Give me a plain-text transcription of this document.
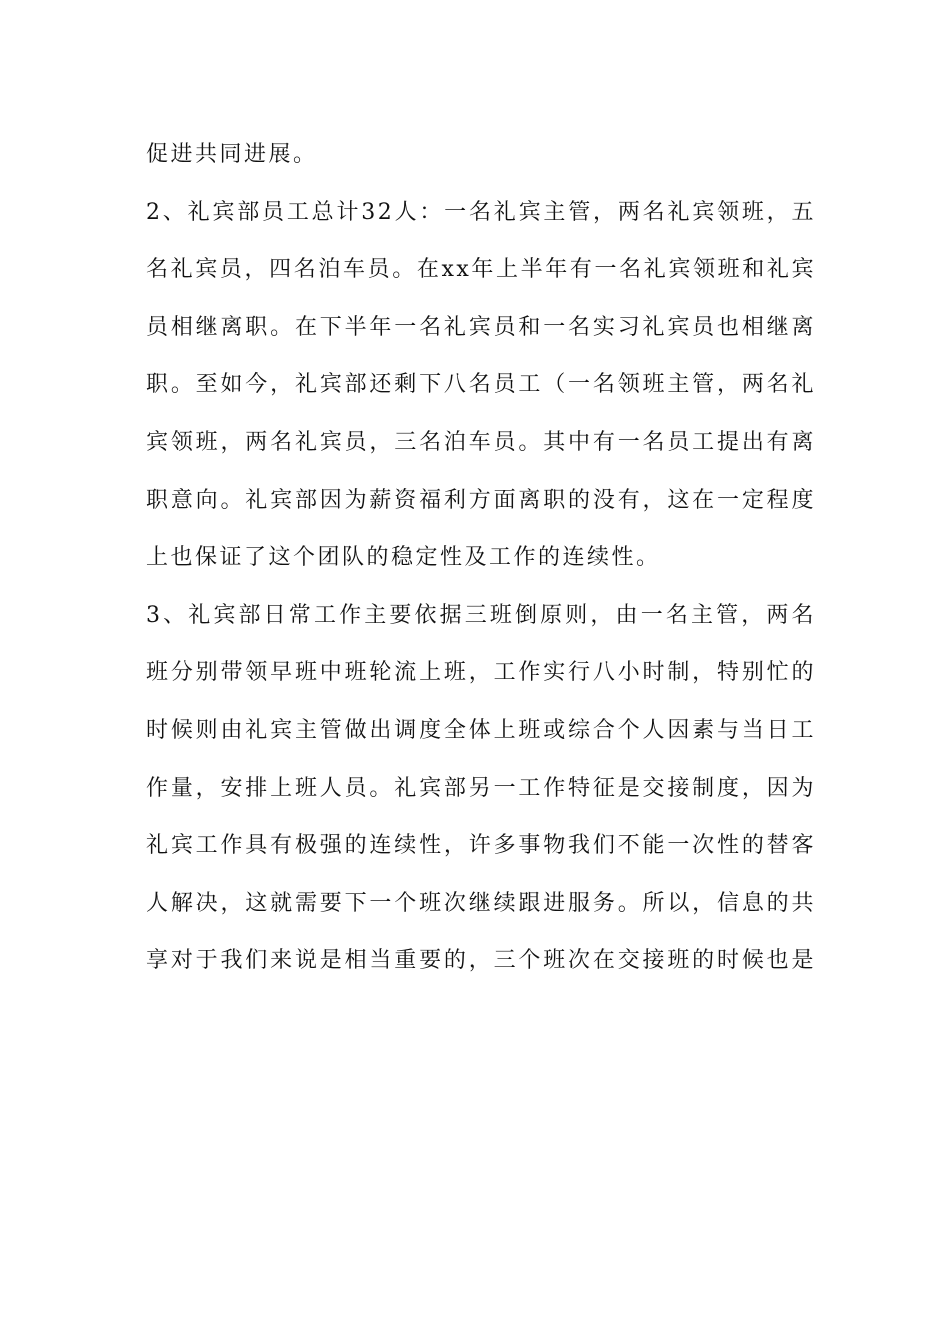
促进共同进展。
2、礼宾部员工总计32人：一名礼宾主管，两名礼宾领班，五
名礼宾员，四名泊车员。在xx年上半年有一名礼宾领班和礼宾
员相继离职。在下半年一名礼宾员和一名实习礼宾员也相继离
职。至如今，礼宾部还剩下八名员工（一名领班主管，两名礼
宾领班，两名礼宾员，三名泊车员。其中有一名员工提出有离
职意向。礼宾部因为薪资福利方面离职的没有，这在一定程度
上也保证了这个团队的稳定性及工作的连续性。
3、礼宾部日常工作主要依据三班倒原则，由一名主管，两名
班分别带领早班中班轮流上班，工作实行八小时制，特别忙的
时候则由礼宾主管做出调度全体上班或综合个人因素与当日工
作量，安排上班人员。礼宾部另一工作特征是交接制度，因为
礼宾工作具有极强的连续性，许多事物我们不能一次性的替客
人解决，这就需要下一个班次继续跟进服务。所以，信息的共
享对于我们来说是相当重要的，三个班次在交接班的时候也是
